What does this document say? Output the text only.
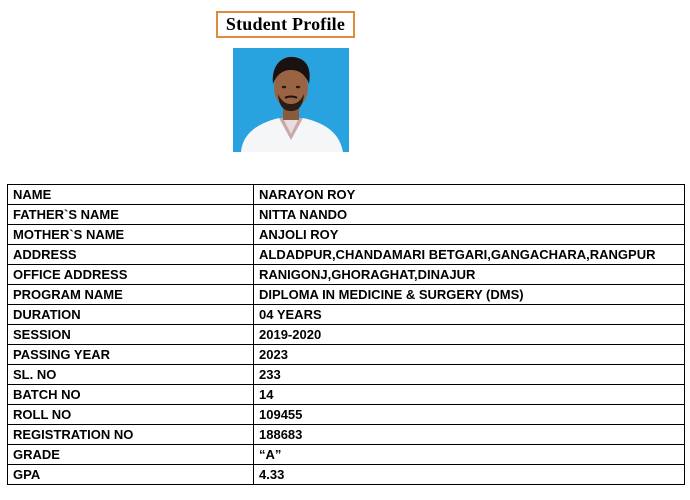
Student Profile
NAME	NARAYON ROY
FATHER`S NAME	NITTA NANDO
MOTHER`S NAME	ANJOLI ROY
ADDRESS	ALDADPUR,CHANDAMARI BETGARI,GANGACHARA,RANGPUR
OFFICE ADDRESS	RANIGONJ,GHORAGHAT,DINAJUR
PROGRAM NAME	DIPLOMA IN MEDICINE & SURGERY (DMS)
DURATION	04 YEARS
SESSION	2019-2020
PASSING YEAR	2023
SL. NO	233
BATCH NO	14
ROLL NO	109455
REGISTRATION NO	188683
GRADE	“A”
GPA	4.33
